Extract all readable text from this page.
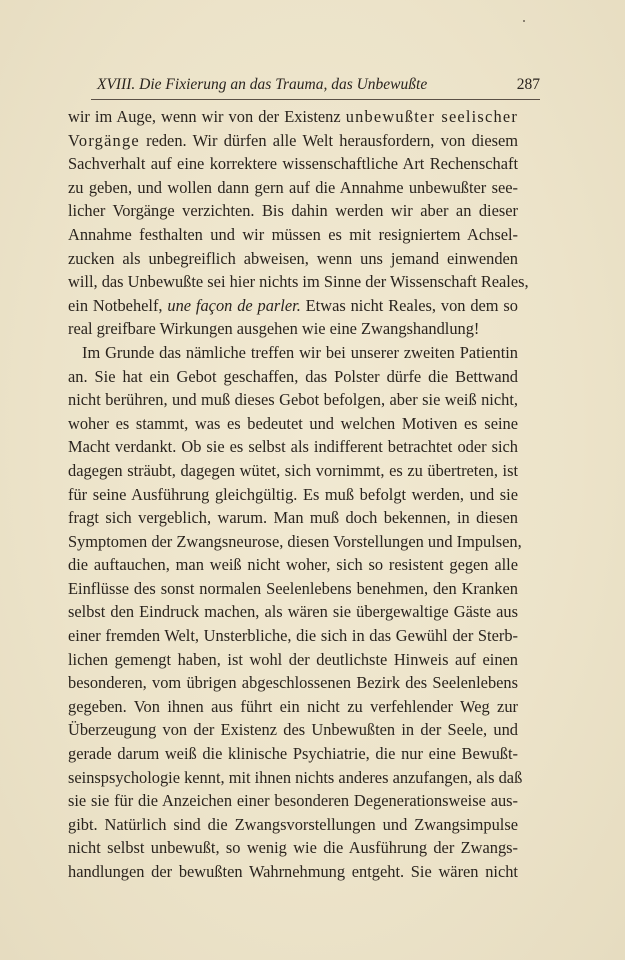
XVIII. Die Fixierung an das Trauma, das Unbewußte	287
wir im Auge, wenn wir von der Existenz unbewußter seelischer
Vorgänge reden. Wir dürfen alle Welt herausfordern, von diesem
Sachverhalt auf eine korrektere wissenschaftliche Art Rechenschaft
zu geben, und wollen dann gern auf die Annahme unbewußter see-
licher Vorgänge verzichten. Bis dahin werden wir aber an dieser
Annahme festhalten und wir müssen es mit resigniertem Achsel-
zucken als unbegreiflich abweisen, wenn uns jemand einwenden
will, das Unbewußte sei hier nichts im Sinne der Wissenschaft Reales,
ein Notbehelf, une façon de parler. Etwas nicht Reales, von dem so
real greifbare Wirkungen ausgehen wie eine Zwangshandlung!
Im Grunde das nämliche treffen wir bei unserer zweiten Patientin
an. Sie hat ein Gebot geschaffen, das Polster dürfe die Bettwand
nicht berühren, und muß dieses Gebot befolgen, aber sie weiß nicht,
woher es stammt, was es bedeutet und welchen Motiven es seine
Macht verdankt. Ob sie es selbst als indifferent betrachtet oder sich
dagegen sträubt, dagegen wütet, sich vornimmt, es zu übertreten, ist
für seine Ausführung gleichgültig. Es muß befolgt werden, und sie
fragt sich vergeblich, warum. Man muß doch bekennen, in diesen
Symptomen der Zwangsneurose, diesen Vorstellungen und Impulsen,
die auftauchen, man weiß nicht woher, sich so resistent gegen alle
Einflüsse des sonst normalen Seelenlebens benehmen, den Kranken
selbst den Eindruck machen, als wären sie übergewaltige Gäste aus
einer fremden Welt, Unsterbliche, die sich in das Gewühl der Sterb-
lichen gemengt haben, ist wohl der deutlichste Hinweis auf einen
besonderen, vom übrigen abgeschlossenen Bezirk des Seelenlebens
gegeben. Von ihnen aus führt ein nicht zu verfehlender Weg zur
Überzeugung von der Existenz des Unbewußten in der Seele, und
gerade darum weiß die klinische Psychiatrie, die nur eine Bewußt-
seinspsychologie kennt, mit ihnen nichts anderes anzufangen, als daß
sie sie für die Anzeichen einer besonderen Degenerationsweise aus-
gibt. Natürlich sind die Zwangsvorstellungen und Zwangsimpulse
nicht selbst unbewußt, so wenig wie die Ausführung der Zwangs-
handlungen der bewußten Wahrnehmung entgeht. Sie wären nicht
